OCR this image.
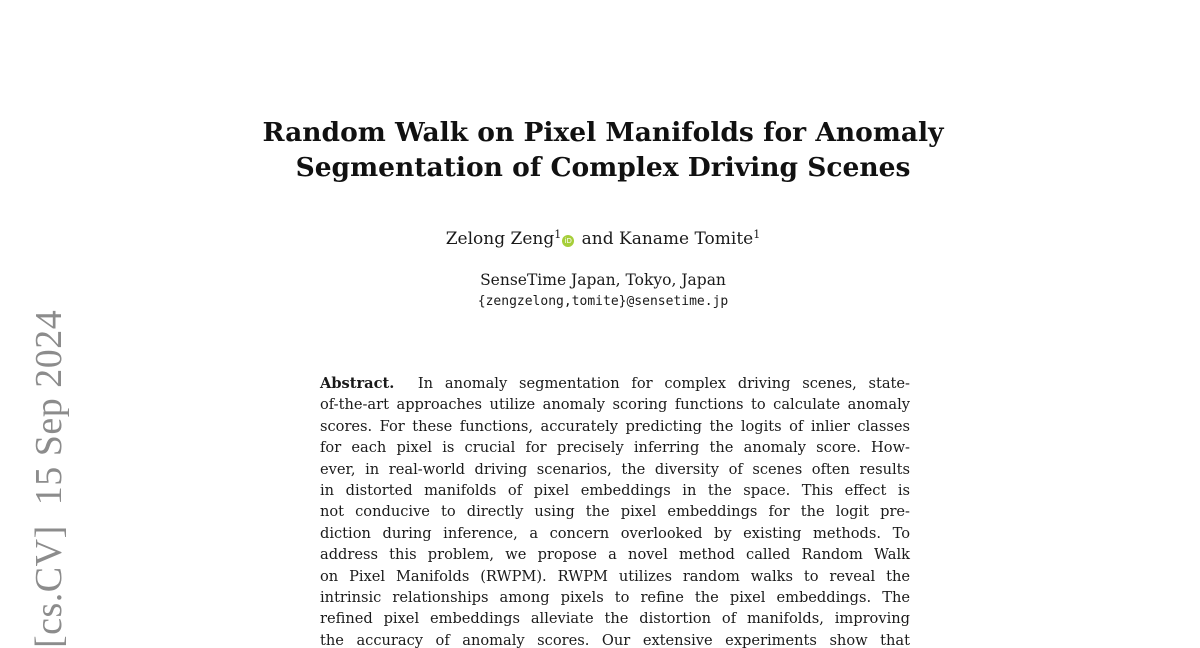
[cs.CV]15 Sep 2024
Random Walk on Pixel Manifolds for Anomaly
Segmentation of Complex Driving Scenes
Zelong Zeng$^1$ iD and Kaname Tomite$^1$
SenseTime Japan, Tokyo, Japan
{zengzelong,tomite}@sensetime.jp
Abstract. In anomaly segmentation for complex driving scenes, state-
of-the-art approaches utilize anomaly scoring functions to calculate anomaly
scores. For these functions, accurately predicting the logits of inlier classes
for each pixel is crucial for precisely inferring the anomaly score. How-
ever, in real-world driving scenarios, the diversity of scenes often results
in distorted manifolds of pixel embeddings in the space. This effect is
not conducive to directly using the pixel embeddings for the logit pre-
diction during inference, a concern overlooked by existing methods. To
address this problem, we propose a novel method called Random Walk
on Pixel Manifolds (RWPM). RWPM utilizes random walks to reveal the
intrinsic relationships among pixels to refine the pixel embeddings. The
refined pixel embeddings alleviate the distortion of manifolds, improving
the accuracy of anomaly scores. Our extensive experiments show that
